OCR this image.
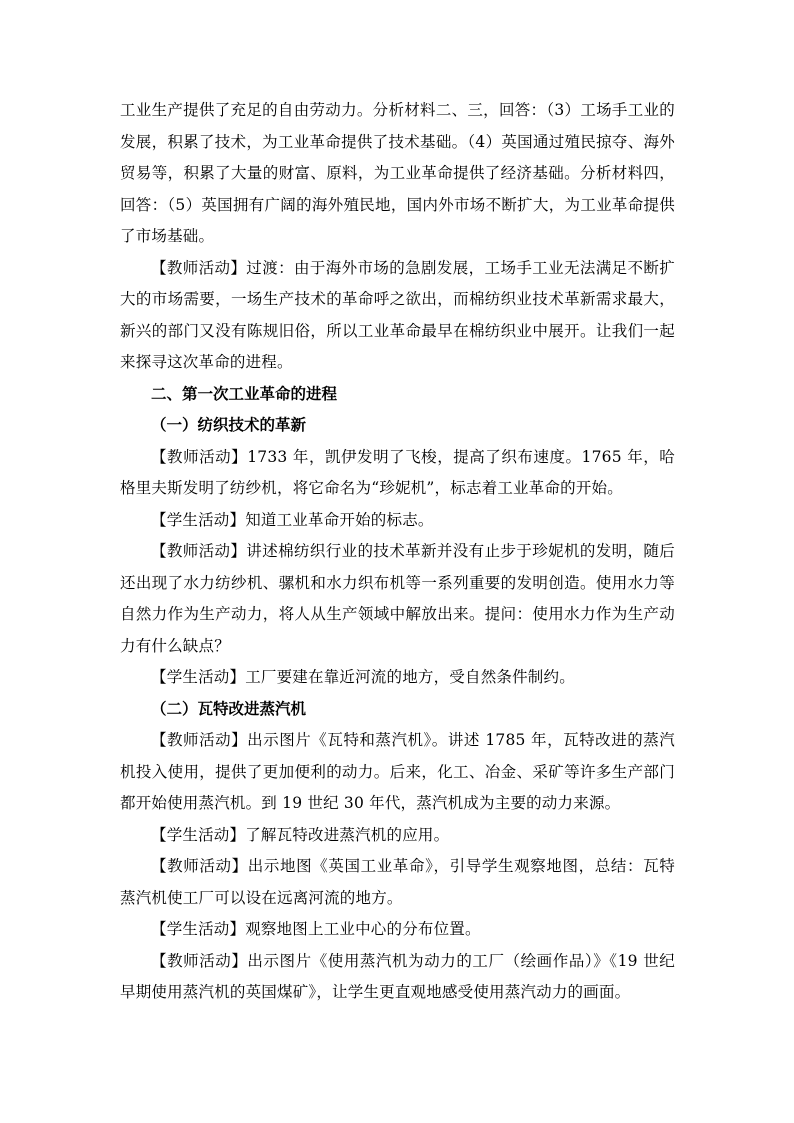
工业生产提供了充足的自由劳动力。分析材料二、三，回答：（3）工场手工业的发展，积累了技术，为工业革命提供了技术基础。（4）英国通过殖民掠夺、海外贸易等，积累了大量的财富、原料，为工业革命提供了经济基础。分析材料四，回答：（5）英国拥有广阔的海外殖民地，国内外市场不断扩大，为工业革命提供了市场基础。

【教师活动】过渡：由于海外市场的急剧发展，工场手工业无法满足不断扩大的市场需要，一场生产技术的革命呼之欲出，而棉纺织业技术革新需求最大，新兴的部门又没有陈规旧俗，所以工业革命最早在棉纺织业中展开。让我们一起来探寻这次革命的进程。

二、第一次工业革命的进程

（一）纺织技术的革新

【教师活动】1733 年，凯伊发明了飞梭，提高了织布速度。1765 年，哈格里夫斯发明了纺纱机，将它命名为“珍妮机”，标志着工业革命的开始。

【学生活动】知道工业革命开始的标志。

【教师活动】讲述棉纺织行业的技术革新并没有止步于珍妮机的发明，随后还出现了水力纺纱机、骡机和水力织布机等一系列重要的发明创造。使用水力等自然力作为生产动力，将人从生产领域中解放出来。提问：使用水力作为生产动力有什么缺点？

【学生活动】工厂要建在靠近河流的地方，受自然条件制约。

（二）瓦特改进蒸汽机

【教师活动】出示图片《瓦特和蒸汽机》。讲述 1785 年，瓦特改进的蒸汽机投入使用，提供了更加便利的动力。后来，化工、冶金、采矿等许多生产部门都开始使用蒸汽机。到 19 世纪 30 年代，蒸汽机成为主要的动力来源。

【学生活动】了解瓦特改进蒸汽机的应用。

【教师活动】出示地图《英国工业革命》，引导学生观察地图，总结：瓦特蒸汽机使工厂可以设在远离河流的地方。

【学生活动】观察地图上工业中心的分布位置。

【教师活动】出示图片《使用蒸汽机为动力的工厂（绘画作品）》《19 世纪早期使用蒸汽机的英国煤矿》，让学生更直观地感受使用蒸汽动力的画面。
